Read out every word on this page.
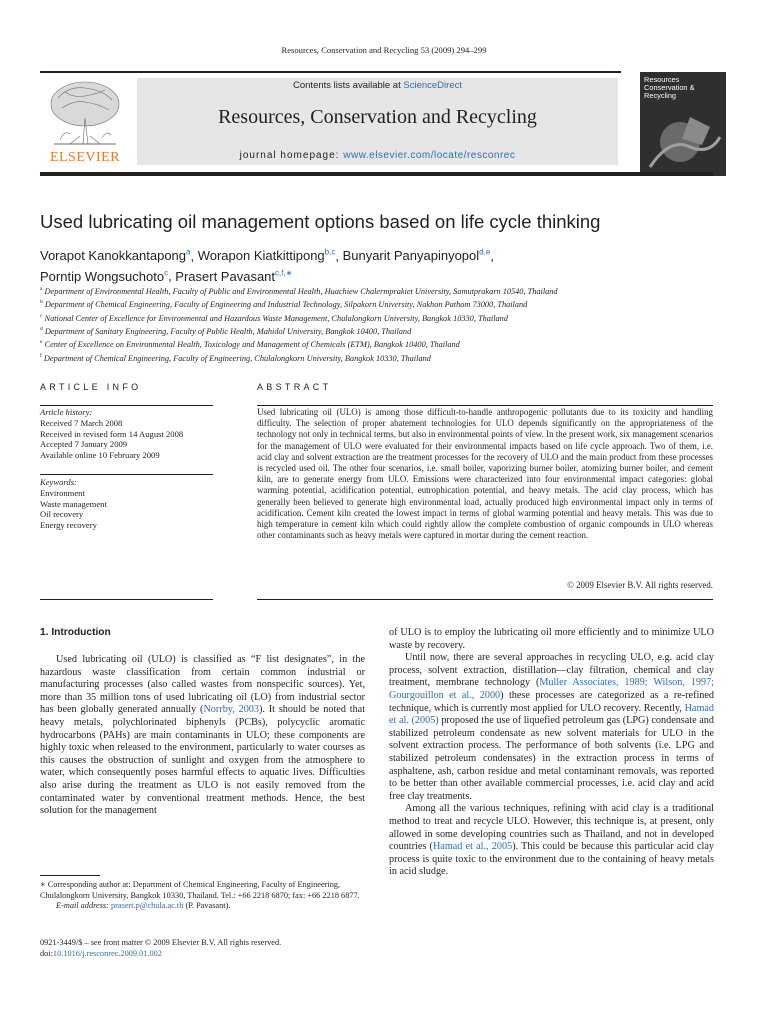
Resources, Conservation and Recycling 53 (2009) 294–299
ELSEVIER
Contents lists available at ScienceDirect
Resources, Conservation and Recycling
journal homepage: www.elsevier.com/locate/resconrec
Resources
Conservation &
Recycling
Used lubricating oil management options based on life cycle thinking
Vorapot Kanokkantapong$^a$, Worapon Kiatkittipong$^{b,c}$, Bunyarit Panyapinyopol$^{d,e}$,
Porntip Wongsuchoto$^c$, Prasert Pavasant$^{c,f,∗}$
$^a$ Department of Environmental Health, Faculty of Public and Environmental Health, Huachiew Chalermprakiet University, Samutprakarn 10540, Thailand
$^b$ Department of Chemical Engineering, Faculty of Engineering and Industrial Technology, Silpakorn University, Nakhon Pathom 73000, Thailand
$^c$ National Center of Excellence for Environmental and Hazardous Waste Management, Chulalongkorn University, Bangkok 10330, Thailand
$^d$ Department of Sanitary Engineering, Faculty of Public Health, Mahidol University, Bangkok 10400, Thailand
$^e$ Center of Excellence on Environmental Health, Toxicology and Management of Chemicals (ETM), Bangkok 10400, Thailand
$^f$ Department of Chemical Engineering, Faculty of Engineering, Chulalongkorn University, Bangkok 10330, Thailand
ARTICLE INFO
Article history:
Received 7 March 2008
Received in revised form 14 August 2008
Accepted 7 January 2009
Available online 10 February 2009
Keywords:
Environment
Waste management
Oil recovery
Energy recovery
ABSTRACT
Used lubricating oil (ULO) is among those difficult-to-handle anthropogenic pollutants due to its toxicity and handling difficulty. The selection of proper abatement technologies for ULO depends significantly on the appropriateness of the technology not only in technical terms, but also in environmental points of view. In the present work, six management scenarios for the management of ULO were evaluated for their environmental impacts based on life cycle approach. Two of them, i.e. acid clay and solvent extraction are the treatment processes for the recovery of ULO and the main product from these processes is recycled used oil. The other four scenarios, i.e. small boiler, vaporizing burner boiler, atomizing burner boiler, and cement kiln, are to generate energy from ULO. Emissions were characterized into four environmental impact categories: global warming potential, acidification potential, eutrophication potential, and heavy metals. The acid clay process, which has generally been believed to generate high environmental load, actually produced high environmental impact only in terms of acidification. Cement kiln created the lowest impact in terms of global warming potential and heavy metals. This was due to high temperature in cement kiln which could rightly allow the complete combustion of organic compounds in ULO whereas other contaminants such as heavy metals were captured in mortar during the cement reaction.
© 2009 Elsevier B.V. All rights reserved.
1. Introduction

Used lubricating oil (ULO) is classified as “F list designates”, in the hazardous waste classification from certain common industrial or manufacturing processes (also called wastes from nonspecific sources). Yet, more than 35 million tons of used lubricating oil (LO) from industrial sector has been globally generated annually (Norrby, 2003). It should be noted that heavy metals, polychlorinated biphenyls (PCBs), polycyclic aromatic hydrocarbons (PAHs) are main contaminants in ULO; these components are highly toxic when released to the environment, particularly to water courses as this causes the obstruction of sunlight and oxygen from the atmosphere to water, which consequently poses harmful effects to aquatic lives. Difficulties also arise during the treatment as ULO is not easily removed from the contaminated water by conventional treatment methods. Hence, the best solution for the management

of ULO is to employ the lubricating oil more efficiently and to minimize ULO waste by recovery.

Until now, there are several approaches in recycling ULO, e.g. acid clay process, solvent extraction, distillation—clay filtration, chemical and clay treatment, membrane technology (Muller Associates, 1989; Wilson, 1997; Gourgouillon et al., 2000) these processes are categorized as a re-refined technique, which is currently most applied for ULO recovery. Recently, Hamad et al. (2005) proposed the use of liquefied petroleum gas (LPG) condensate and stabilized petroleum condensate as new solvent materials for ULO in the solvent extraction process. The performance of both solvents (i.e. LPG and stabilized petroleum condensates) in the extraction process in terms of asphaltene, ash, carbon residue and metal contaminant removals, was reported to be better than other available commercial processes, i.e. acid clay and acid free clay treatments.

Among all the various techniques, refining with acid clay is a traditional method to treat and recycle ULO. However, this technique is, at present, only allowed in some developing countries such as Thailand, and not in developed countries (Hamad et al., 2005). This could be because this particular acid clay process is quite toxic to the environment due to the containing of heavy metals in acid sludge.

∗ Corresponding author at: Department of Chemical Engineering, Faculty of Engineering, Chulalongkorn University, Bangkok 10330, Thailand. Tel.: +66 2218 6870; fax: +66 2218 6877.
E-mail address: prasert.p@chula.ac.th (P. Pavasant).
0921-3449/$ – see front matter © 2009 Elsevier B.V. All rights reserved.
doi:10.1016/j.resconrec.2009.01.002
